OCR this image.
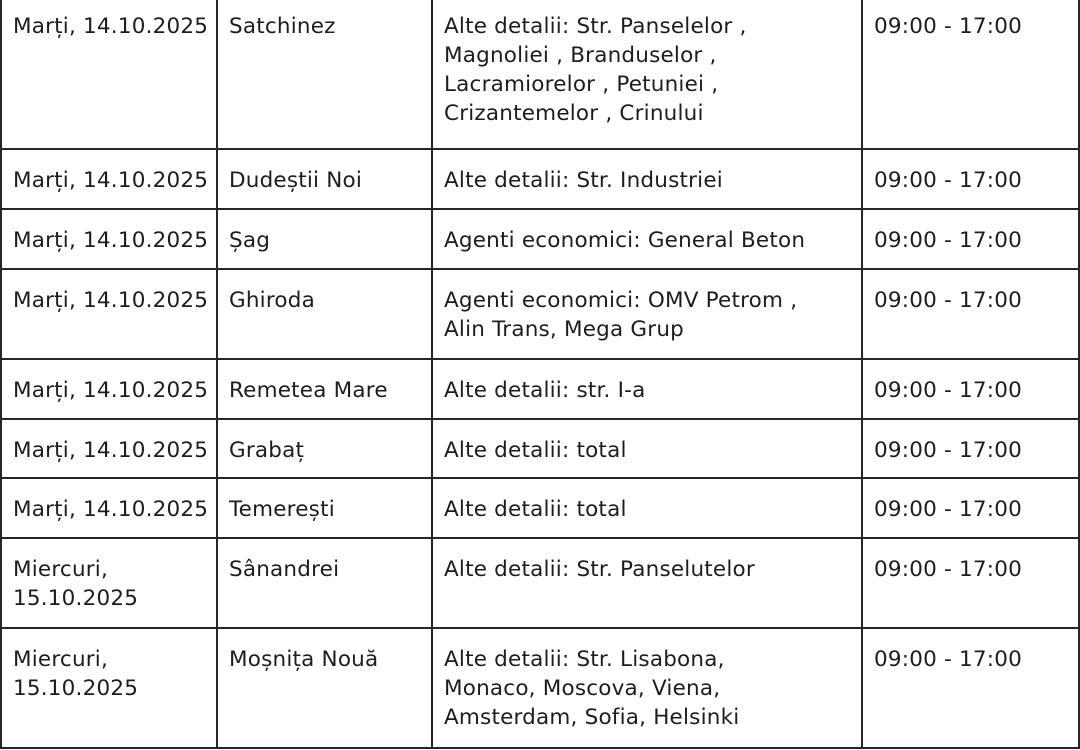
Marți, 14.10.2025	Satchinez	Alte detalii: Str. Panselelor ,
Magnoliei , Branduselor ,
Lacramiorelor , Petuniei ,
Crizantemelor , Crinului	09:00 - 17:00

Marți, 14.10.2025	Dudeștii Noi	Alte detalii: Str. Industriei	09:00 - 17:00

Marți, 14.10.2025	Șag	Agenti economici: General Beton	09:00 - 17:00

Marți, 14.10.2025	Ghiroda	Agenti economici: OMV Petrom ,
Alin Trans, Mega Grup	09:00 - 17:00

Marți, 14.10.2025	Remetea Mare	Alte detalii: str. I-a	09:00 - 17:00

Marți, 14.10.2025	Grabaț	Alte detalii: total	09:00 - 17:00

Marți, 14.10.2025	Temerești	Alte detalii: total	09:00 - 17:00

Miercuri,
15.10.2025	Sânandrei	Alte detalii: Str. Panselutelor	09:00 - 17:00

Miercuri,
15.10.2025	Moșnița Nouă	Alte detalii: Str. Lisabona,
Monaco, Moscova, Viena,
Amsterdam, Sofia, Helsinki	09:00 - 17:00
